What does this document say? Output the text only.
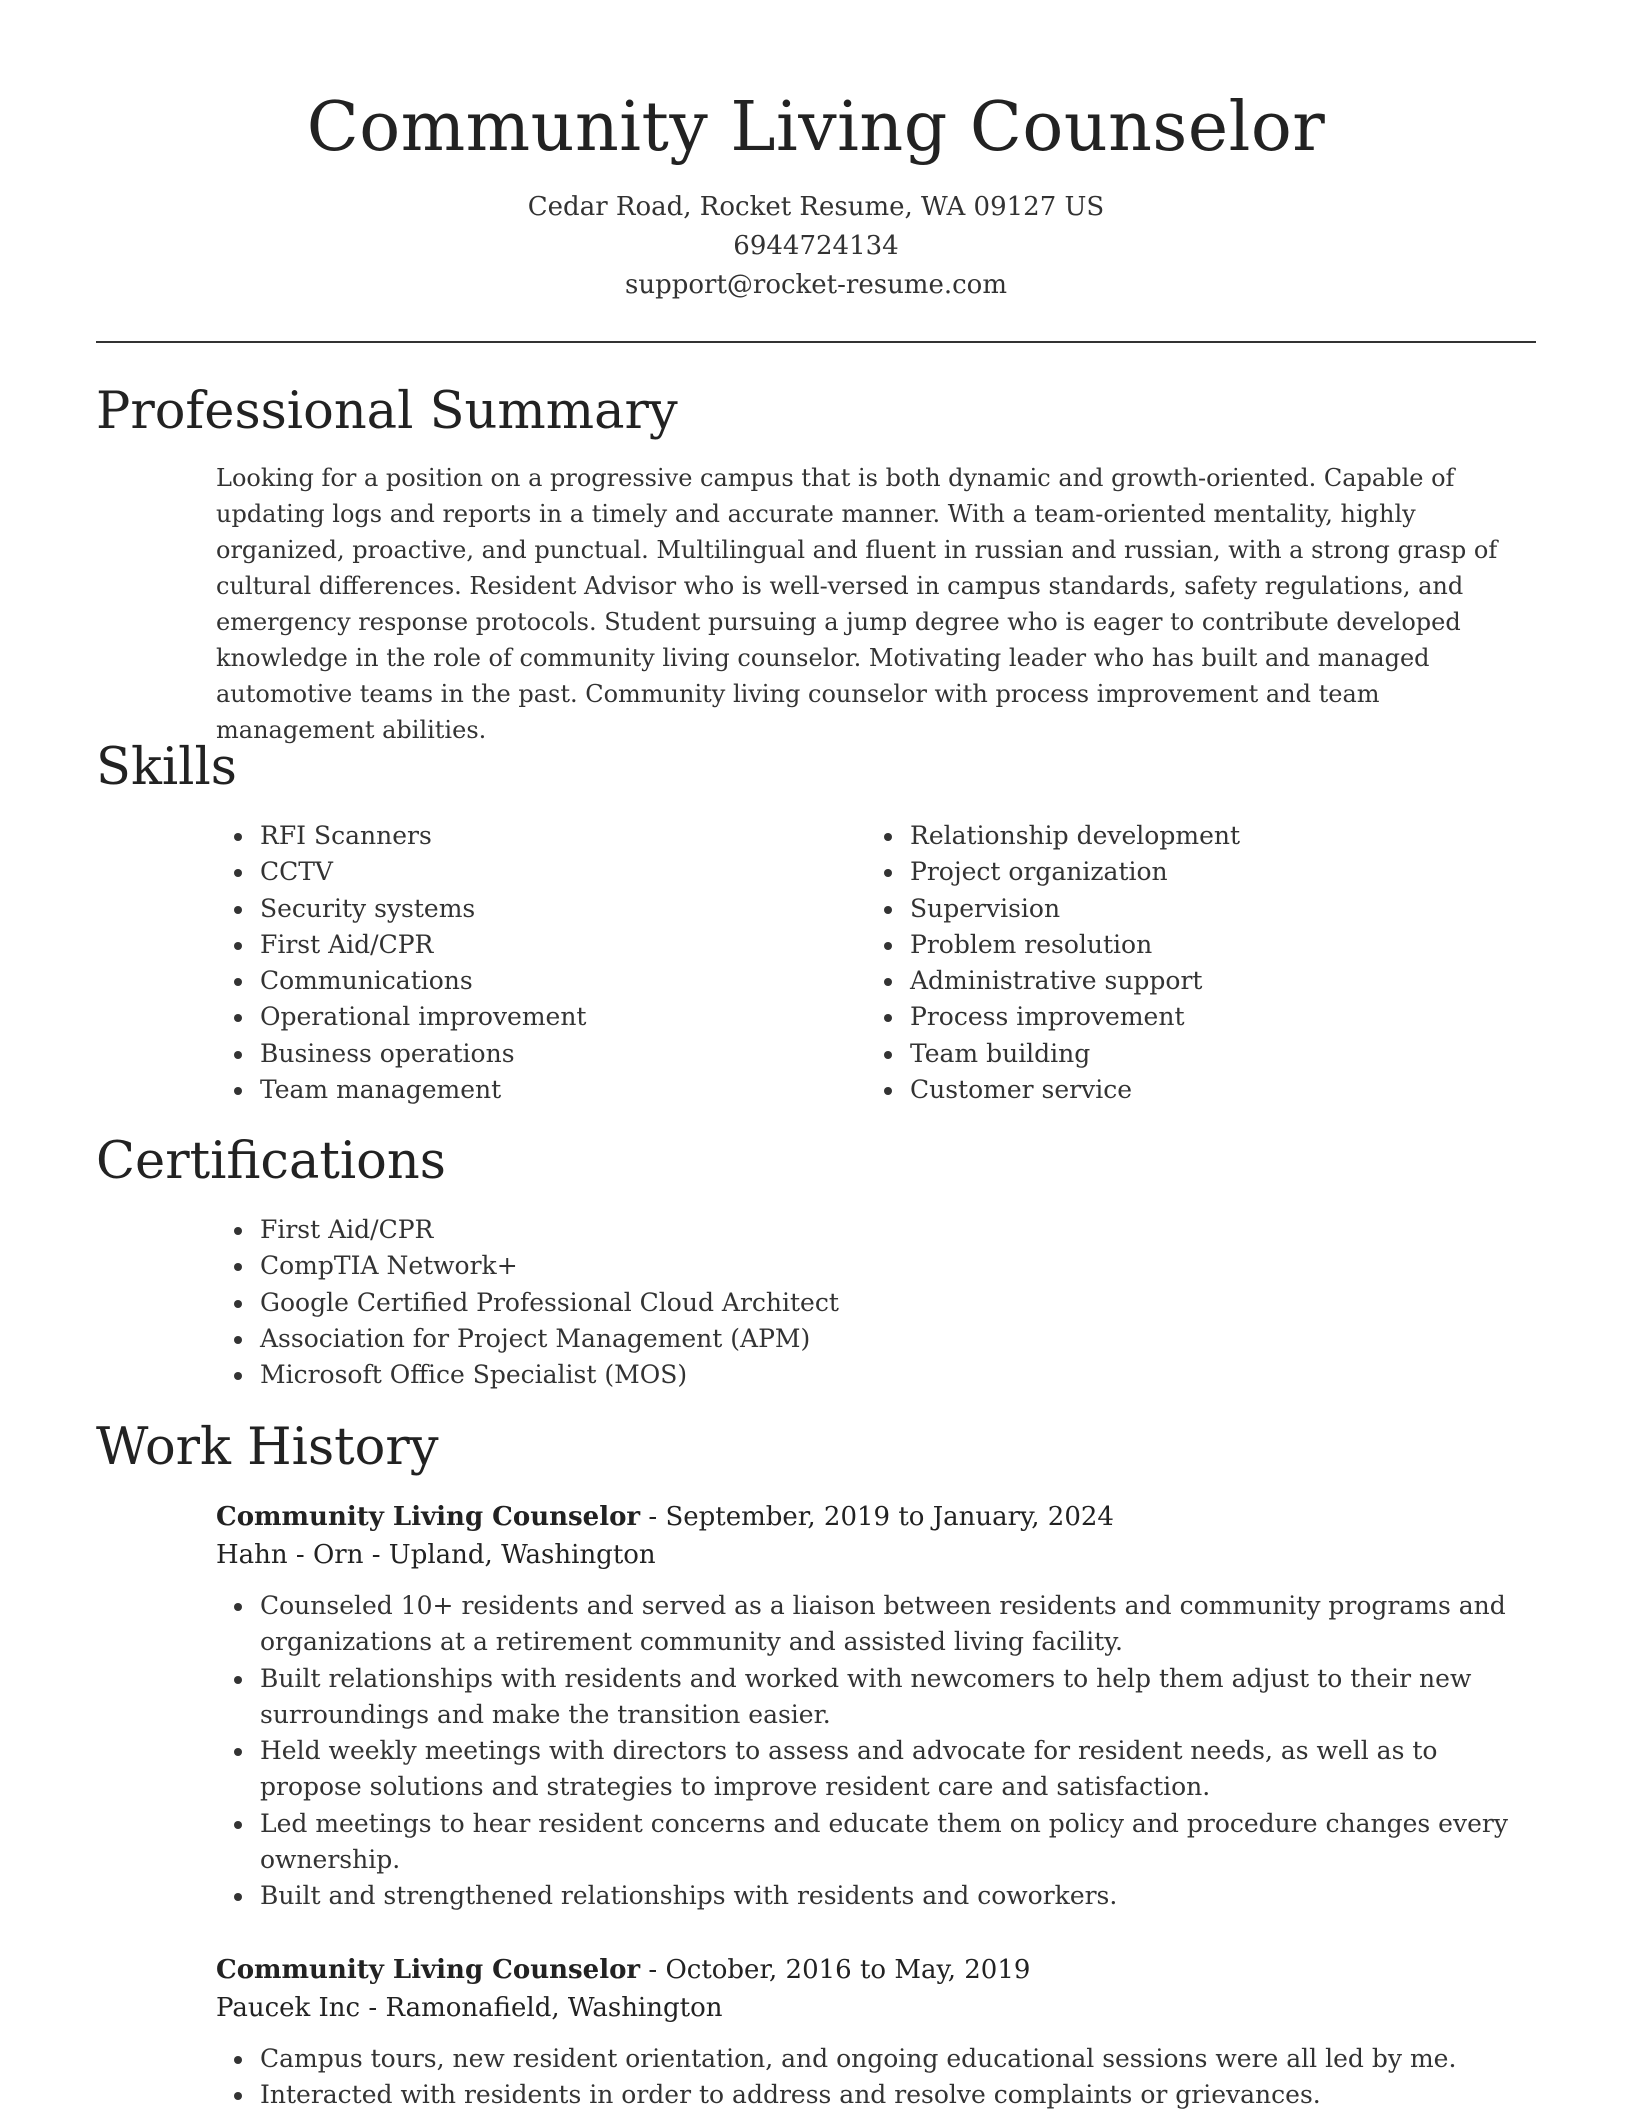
Community Living Counselor
Cedar Road, Rocket Resume, WA 09127 US
6944724134
support@rocket-resume.com
Professional Summary

Looking for a position on a progressive campus that is both dynamic and growth-oriented. Capable of updating logs and reports in a timely and accurate manner. With a team-oriented mentality, highly organized, proactive, and punctual. Multilingual and fluent in russian and russian, with a strong grasp of cultural differences. Resident Advisor who is well-versed in campus standards, safety regulations, and emergency response protocols. Student pursuing a jump degree who is eager to contribute developed knowledge in the role of community living counselor. Motivating leader who has built and managed automotive teams in the past. Community living counselor with process improvement and team management abilities.

Skills
RFI Scanners
CCTV
Security systems
First Aid/CPR
Communications
Operational improvement
Business operations
Team management
Relationship development
Project organization
Supervision
Problem resolution
Administrative support
Process improvement
Team building
Customer service
Certifications
First Aid/CPR
CompTIA Network+
Google Certified Professional Cloud Architect
Association for Project Management (APM)
Microsoft Office Specialist (MOS)
Work History
Community Living Counselor - September, 2019 to January, 2024
Hahn - Orn - Upland, Washington
Counseled 10+ residents and served as a liaison between residents and community programs and organizations at a retirement community and assisted living facility.
Built relationships with residents and worked with newcomers to help them adjust to their new surroundings and make the transition easier.
Held weekly meetings with directors to assess and advocate for resident needs, as well as to propose solutions and strategies to improve resident care and satisfaction.
Led meetings to hear resident concerns and educate them on policy and procedure changes every ownership.
Built and strengthened relationships with residents and coworkers.
Community Living Counselor - October, 2016 to May, 2019
Paucek Inc - Ramonafield, Washington
Campus tours, new resident orientation, and ongoing educational sessions were all led by me.
Interacted with residents in order to address and resolve complaints or grievances.
